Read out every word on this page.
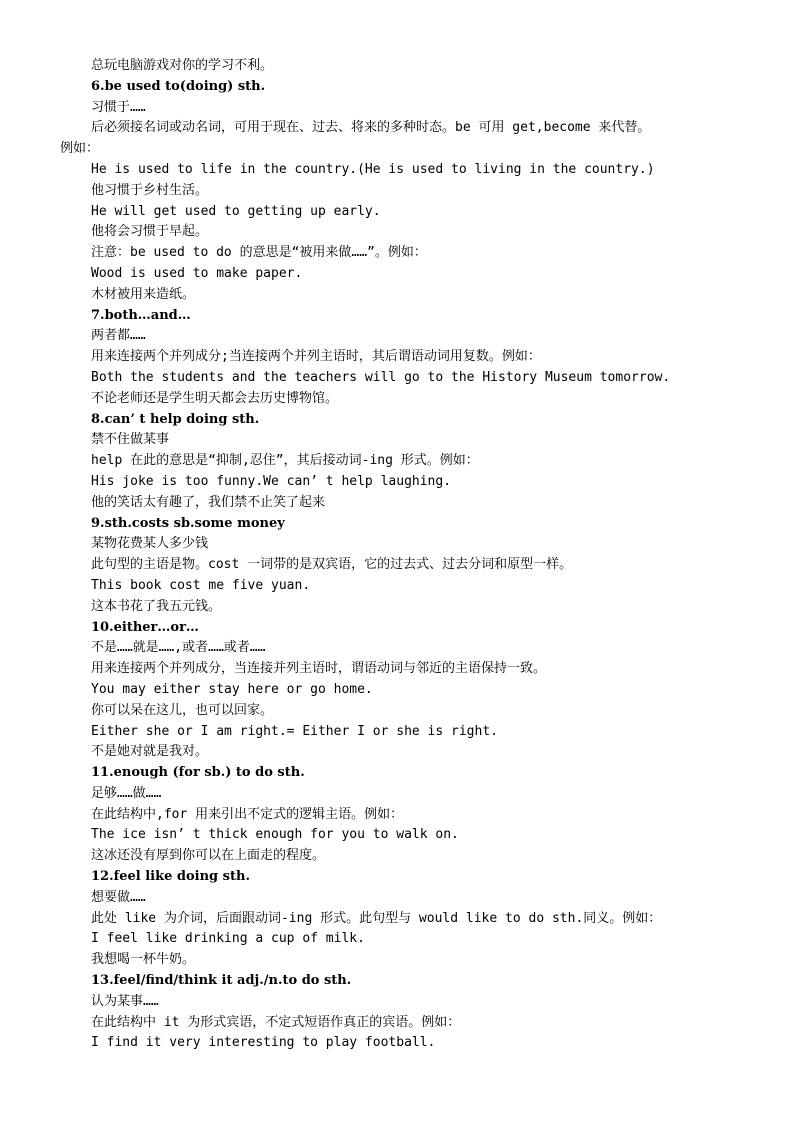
总玩电脑游戏对你的学习不利。
6.be used to(doing) sth.
习惯于……
后必须接名词或动名词，可用于现在、过去、将来的多种时态。be 可用 get,become 来代替。
例如：
He is used to life in the country.(He is used to living in the country.)
他习惯于乡村生活。
He will get used to getting up early.
他将会习惯于早起。
注意：be used to do 的意思是“被用来做……”。例如：
Wood is used to make paper.
木材被用来造纸。
7.both…and…
两者都……
用来连接两个并列成分;当连接两个并列主语时，其后谓语动词用复数。例如：
Both the students and the teachers will go to the History Museum tomorrow.
不论老师还是学生明天都会去历史博物馆。
8.can’ t help doing sth.
禁不住做某事
help 在此的意思是“抑制,忍住”，其后接动词-ing 形式。例如：
His joke is too funny.We can’ t help laughing.
他的笑话太有趣了，我们禁不止笑了起来
9.sth.costs sb.some money
某物花费某人多少钱
此句型的主语是物。cost 一词带的是双宾语，它的过去式、过去分词和原型一样。
This book cost me five yuan.
这本书花了我五元钱。
10.either…or…
不是……就是……,或者……或者……
用来连接两个并列成分，当连接并列主语时，谓语动词与邻近的主语保持一致。
You may either stay here or go home.
你可以呆在这儿，也可以回家。
Either she or I am right.= Either I or she is right.
不是她对就是我对。
11.enough (for sb.) to do sth.
足够……做……
在此结构中,for 用来引出不定式的逻辑主语。例如：
The ice isn’ t thick enough for you to walk on.
这冰还没有厚到你可以在上面走的程度。
12.feel like doing sth.
想要做……
此处 like 为介词，后面跟动词-ing 形式。此句型与 would like to do sth.同义。例如：
I feel like drinking a cup of milk.
我想喝一杯牛奶。
13.feel/find/think it adj./n.to do sth.
认为某事……
在此结构中 it 为形式宾语，不定式短语作真正的宾语。例如：
I find it very interesting to play football.
